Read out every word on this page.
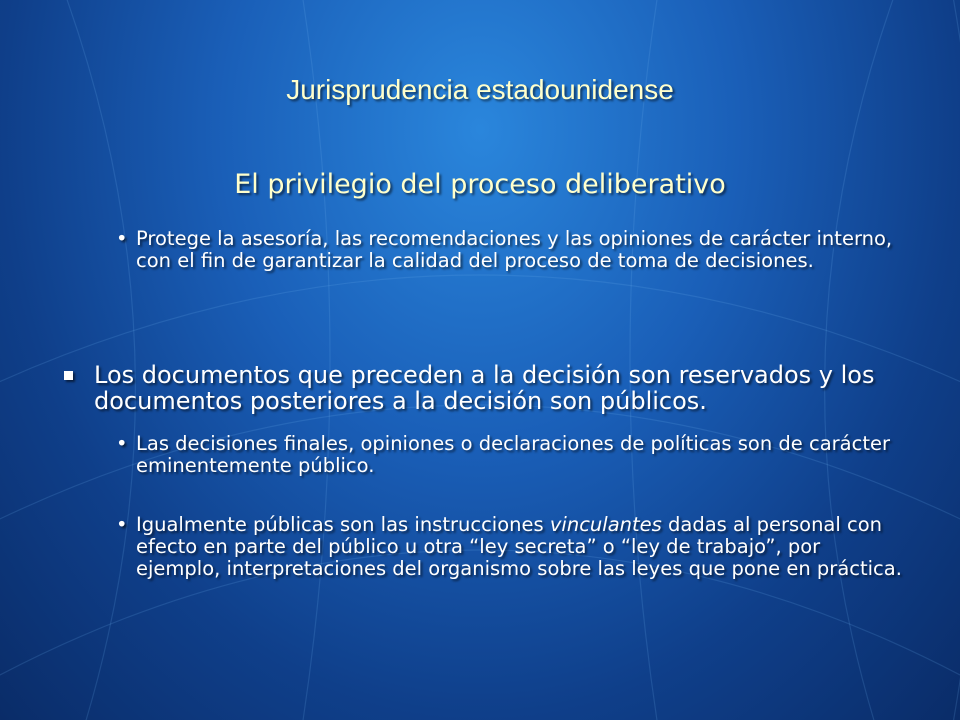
Jurisprudencia estadounidense
El privilegio del proceso deliberativo
• Protege la asesoría, las recomendaciones y las opiniones de carácter interno, con el fin de garantizar la calidad del proceso de toma de decisiones.
Los documentos que preceden a la decisión son reservados y los documentos posteriores a la decisión son públicos.
• Las decisiones finales, opiniones o declaraciones de políticas son de carácter eminentemente público.
• Igualmente públicas son las instrucciones vinculantes dadas al personal con efecto en parte del público u otra “ley secreta” o “ley de trabajo”, por ejemplo, interpretaciones del organismo sobre las leyes que pone en práctica.
